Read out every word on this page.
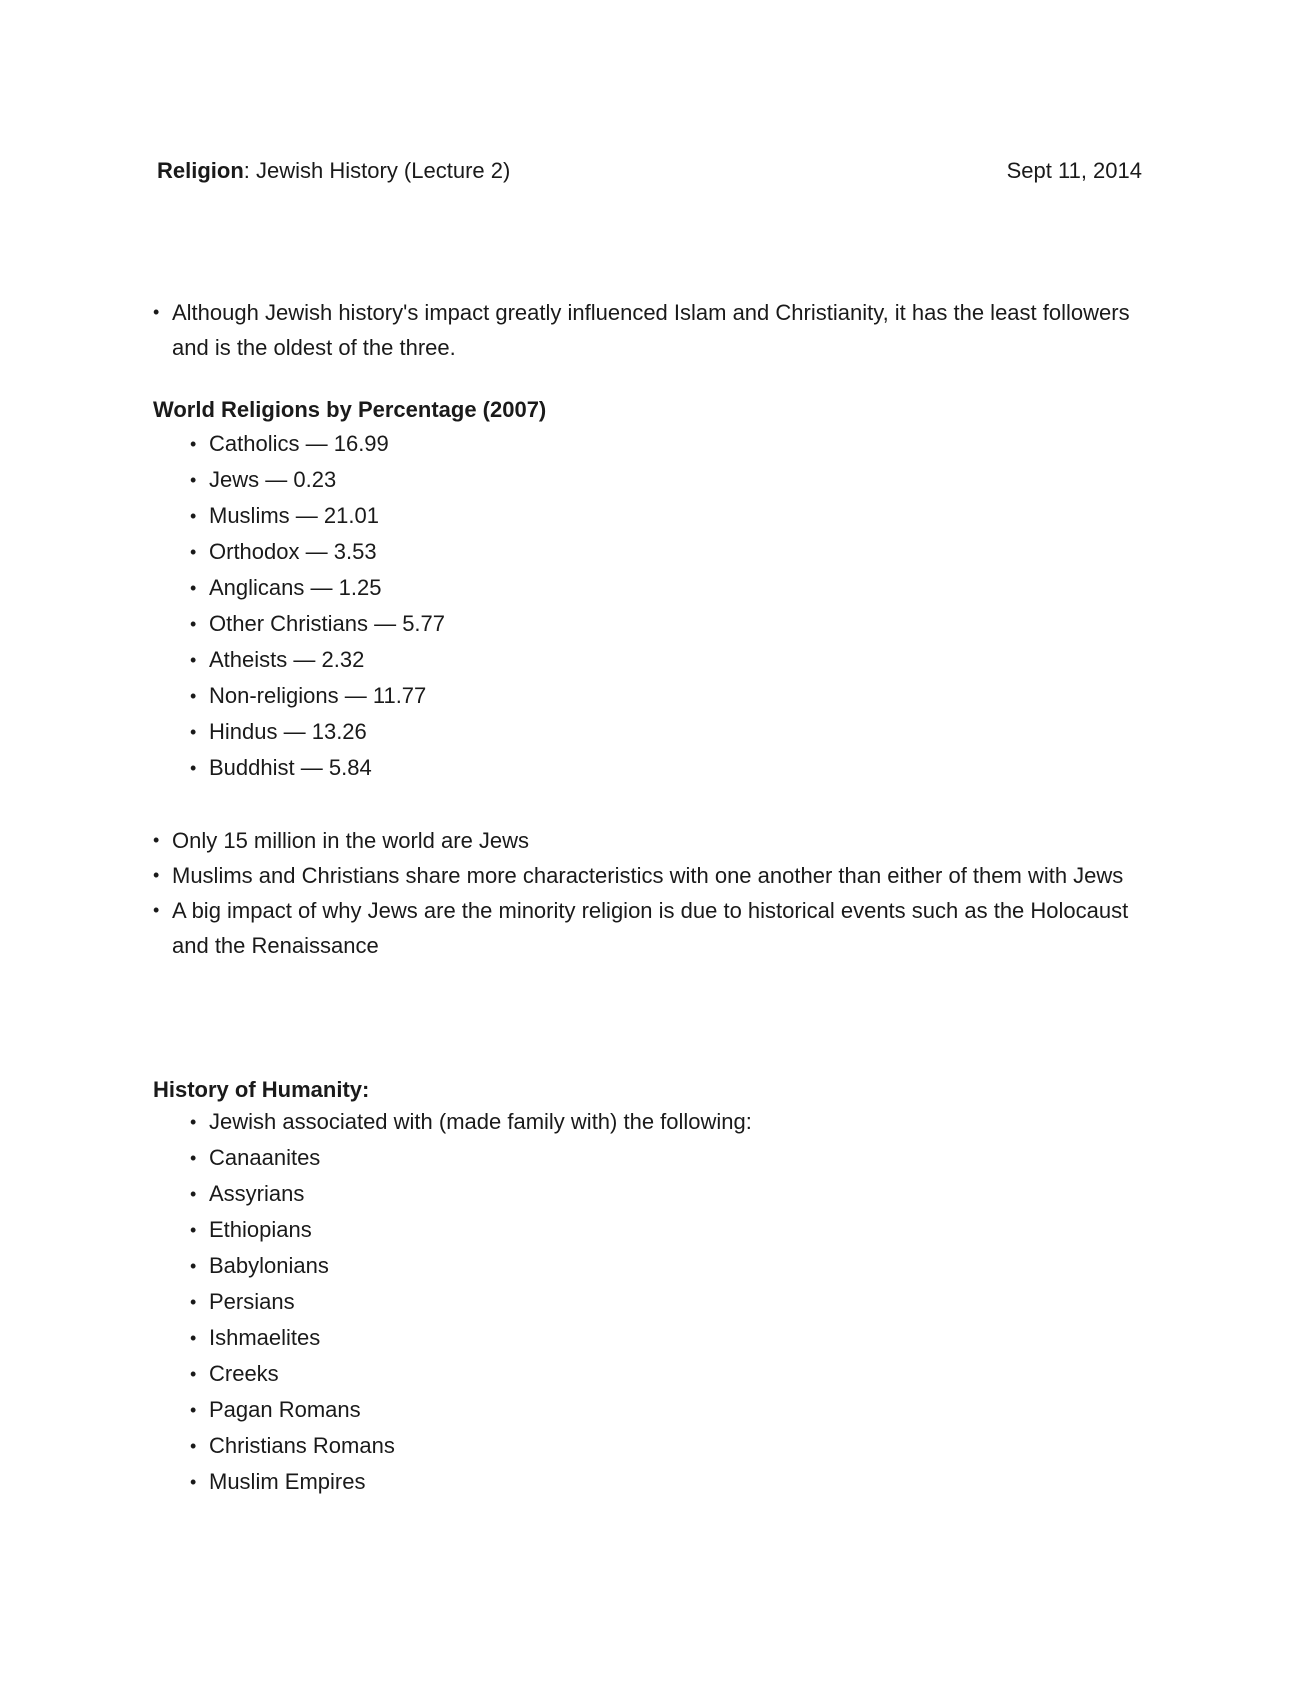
Religion: Jewish History (Lecture 2)	Sept 11, 2014
• Although Jewish history's impact greatly influenced Islam and Christianity, it has the least followers and is the oldest of the three.
World Religions by Percentage (2007)
• Catholics — 16.99
• Jews — 0.23
• Muslims — 21.01
• Orthodox — 3.53
• Anglicans — 1.25
• Other Christians — 5.77
• Atheists — 2.32
• Non-religions — 11.77
• Hindus — 13.26
• Buddhist — 5.84
• Only 15 million in the world are Jews
• Muslims and Christians share more characteristics with one another than either of them with Jews
• A big impact of why Jews are the minority religion is due to historical events such as the Holocaust and the Renaissance
History of Humanity:
• Jewish associated with (made family with) the following:
• Canaanites
• Assyrians
• Ethiopians
• Babylonians
• Persians
• Ishmaelites
• Creeks
• Pagan Romans
• Christians Romans
• Muslim Empires
